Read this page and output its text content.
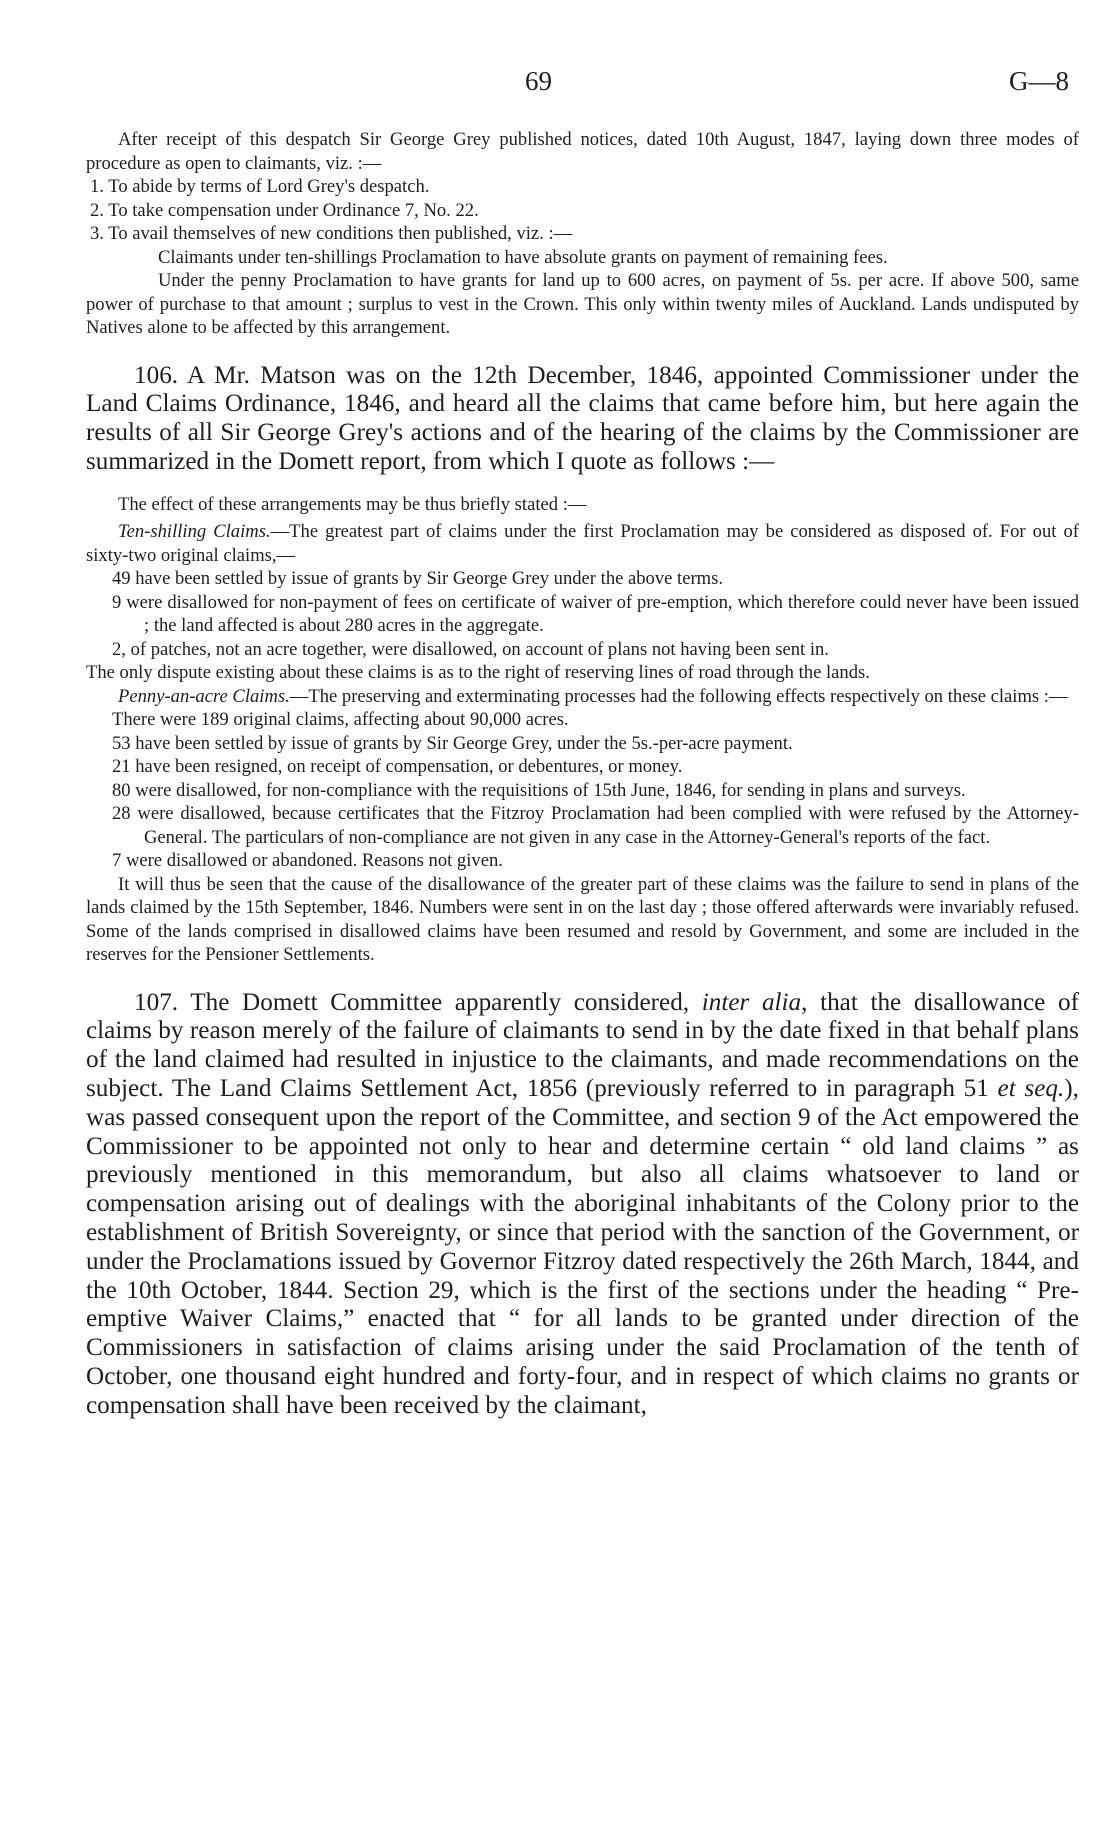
69	G—8

After receipt of this despatch Sir George Grey published notices, dated 10th August, 1847, laying down three modes of procedure as open to claimants, viz. :—

1. To abide by terms of Lord Grey's despatch.

2. To take compensation under Ordinance 7, No. 22.

3. To avail themselves of new conditions then published, viz. :—

Claimants under ten-shillings Proclamation to have absolute grants on payment of remaining fees.

Under the penny Proclamation to have grants for land up to 600 acres, on payment of 5s. per acre. If above 500, same power of purchase to that amount ; surplus to vest in the Crown. This only within twenty miles of Auckland. Lands undisputed by Natives alone to be affected by this arrangement.

106. A Mr. Matson was on the 12th December, 1846, appointed Commissioner under the Land Claims Ordinance, 1846, and heard all the claims that came before him, but here again the results of all Sir George Grey's actions and of the hearing of the claims by the Commissioner are summarized in the Domett report, from which I quote as follows :—

The effect of these arrangements may be thus briefly stated :—

Ten-shilling Claims.—The greatest part of claims under the first Proclamation may be considered as disposed of. For out of sixty-two original claims,—

49 have been settled by issue of grants by Sir George Grey under the above terms.

9 were disallowed for non-payment of fees on certificate of waiver of pre-emption, which therefore could never have been issued ; the land affected is about 280 acres in the aggregate.

2, of patches, not an acre together, were disallowed, on account of plans not having been sent in.

The only dispute existing about these claims is as to the right of reserving lines of road through the lands.

Penny-an-acre Claims.—The preserving and exterminating processes had the following effects respectively on these claims :—

There were 189 original claims, affecting about 90,000 acres.

53 have been settled by issue of grants by Sir George Grey, under the 5s.-per-acre payment.

21 have been resigned, on receipt of compensation, or debentures, or money.

80 were disallowed, for non-compliance with the requisitions of 15th June, 1846, for sending in plans and surveys.

28 were disallowed, because certificates that the Fitzroy Proclamation had been complied with were refused by the Attorney-General. The particulars of non-compliance are not given in any case in the Attorney-General's reports of the fact.

7 were disallowed or abandoned. Reasons not given.

It will thus be seen that the cause of the disallowance of the greater part of these claims was the failure to send in plans of the lands claimed by the 15th September, 1846. Numbers were sent in on the last day ; those offered afterwards were invariably refused. Some of the lands comprised in disallowed claims have been resumed and resold by Government, and some are included in the reserves for the Pensioner Settlements.

107. The Domett Committee apparently considered, inter alia, that the disallowance of claims by reason merely of the failure of claimants to send in by the date fixed in that behalf plans of the land claimed had resulted in injustice to the claimants, and made recommendations on the subject. The Land Claims Settlement Act, 1856 (previously referred to in paragraph 51 et seq.), was passed consequent upon the report of the Committee, and section 9 of the Act empowered the Commissioner to be appointed not only to hear and determine certain “ old land claims ” as previously mentioned in this memorandum, but also all claims whatsoever to land or compensation arising out of dealings with the aboriginal inhabitants of the Colony prior to the establishment of British Sovereignty, or since that period with the sanction of the Government, or under the Proclamations issued by Governor Fitzroy dated respectively the 26th March, 1844, and the 10th October, 1844. Section 29, which is the first of the sections under the heading “ Pre-emptive Waiver Claims,” enacted that “ for all lands to be granted under direction of the Commissioners in satisfaction of claims arising under the said Proclamation of the tenth of October, one thousand eight hundred and forty-four, and in respect of which claims no grants or compensation shall have been received by the claimant,
